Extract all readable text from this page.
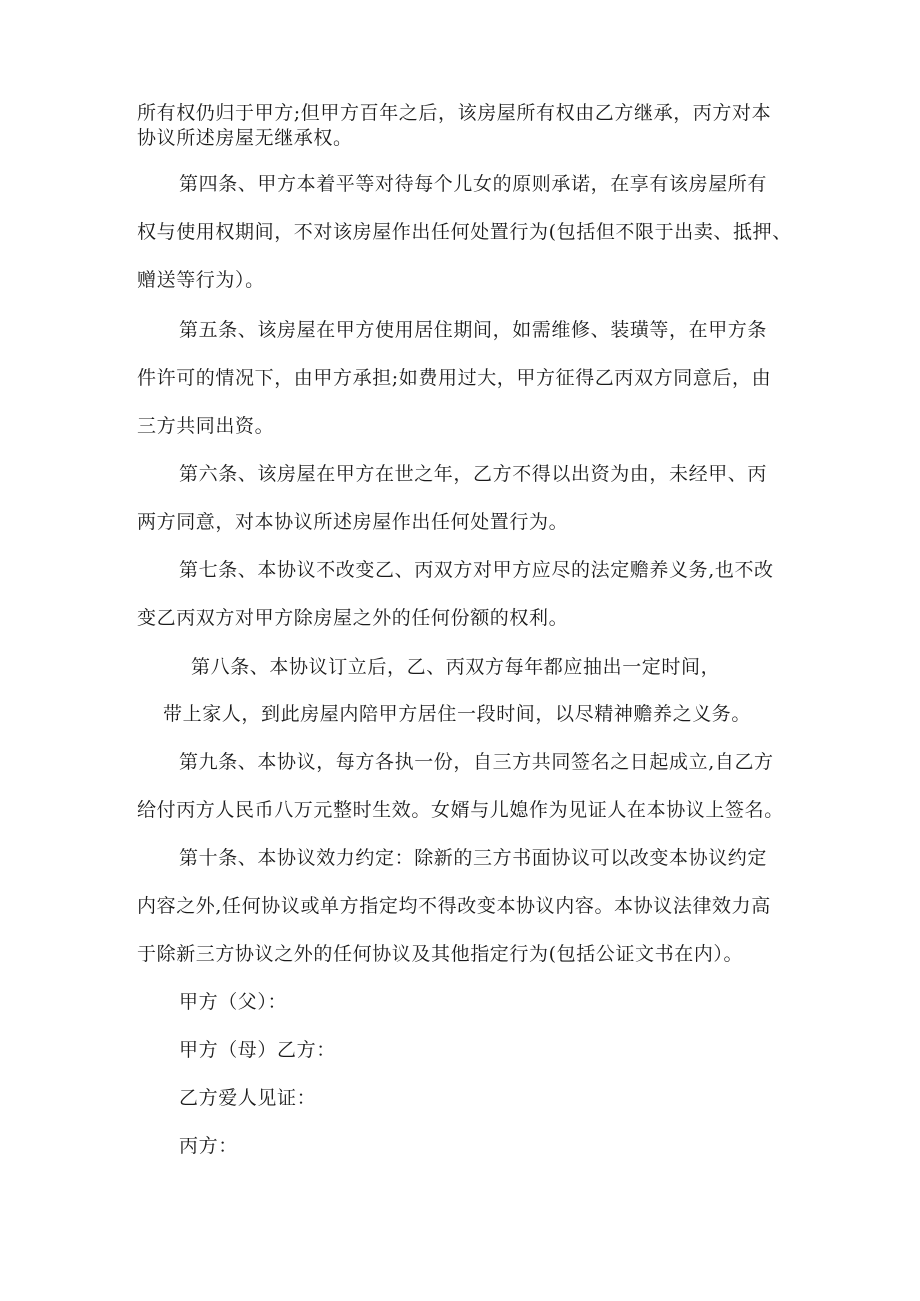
所有权仍归于甲方;但甲方百年之后，该房屋所有权由乙方继承，丙方对本
协议所述房屋无继承权。
第四条、甲方本着平等对待每个儿女的原则承诺，在享有该房屋所有
权与使用权期间，不对该房屋作出任何处置行为(包括但不限于出卖、抵押、
赠送等行为）。
第五条、该房屋在甲方使用居住期间，如需维修、装璜等，在甲方条
件许可的情况下，由甲方承担;如费用过大，甲方征得乙丙双方同意后，由
三方共同出资。
第六条、该房屋在甲方在世之年，乙方不得以出资为由，未经甲、丙
两方同意，对本协议所述房屋作出任何处置行为。
第七条、本协议不改变乙、丙双方对甲方应尽的法定赡养义务,也不改
变乙丙双方对甲方除房屋之外的任何份额的权利。
第八条、本协议订立后，乙、丙双方每年都应抽出一定时间，
带上家人，到此房屋内陪甲方居住一段时间，以尽精神赡养之义务。
第九条、本协议，每方各执一份，自三方共同签名之日起成立,自乙方
给付丙方人民币八万元整时生效。女婿与儿媳作为见证人在本协议上签名。
第十条、本协议效力约定：除新的三方书面协议可以改变本协议约定
内容之外,任何协议或单方指定均不得改变本协议内容。本协议法律效力高
于除新三方协议之外的任何协议及其他指定行为(包括公证文书在内）。
甲方（父）：
甲方（母）乙方：
乙方爱人见证：
丙方：
